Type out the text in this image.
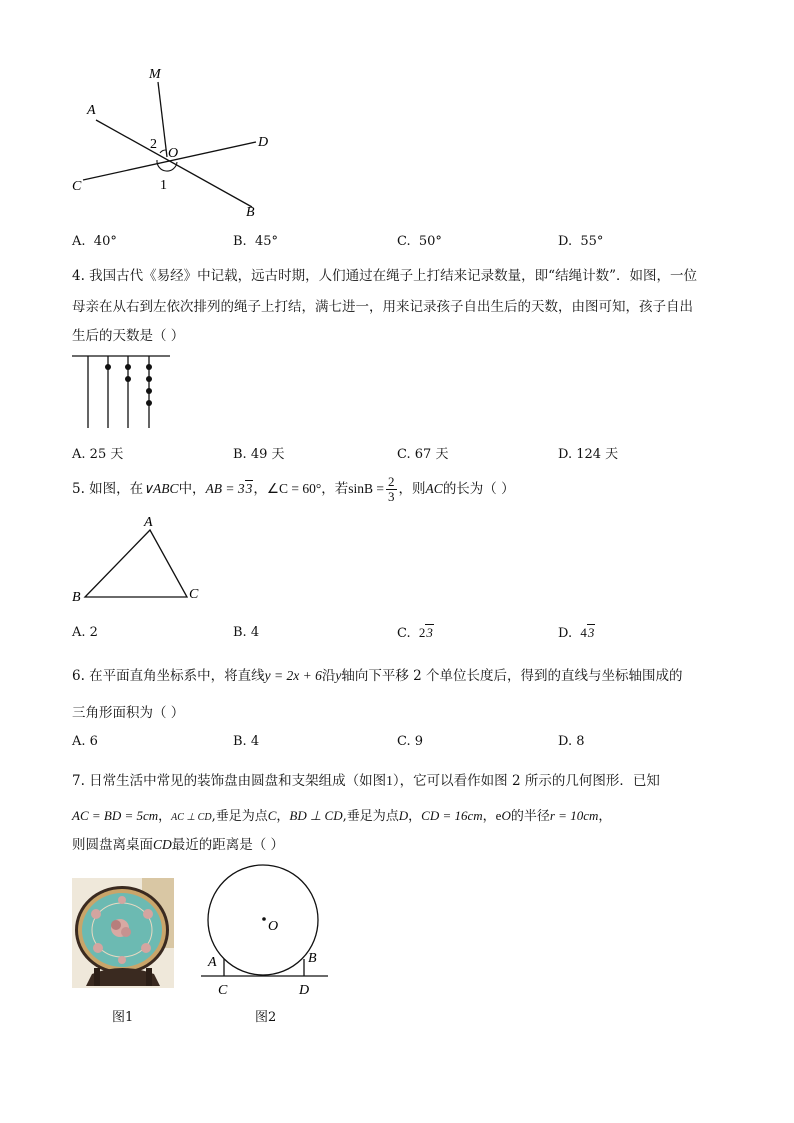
M
A
2
O
D
C	1
B
A. 40°	B. 45°	C. 50°	D. 55°
4. 我国古代《易经》中记载，远古时期，人们通过在绳子上打结来记录数量，即“结绳计数”．如图，一位
母亲在从右到左依次排列的绳子上打结，满七进一，用来记录孩子自出生后的天数，由图可知，孩子自出
生后的天数是（ ）
A. 25 天	B. 49 天	C. 67 天	D. 124 天
5. 如图，在∨ABC中，AB = 33，∠C = 60°，若$\sin B = \frac{2}{3}$ ，则AC的长为（ ）
A
B	C
A. 2	B. 4	C. 23	D. 43
6. 在平面直角坐标系中，将直线y = 2x + 6沿y轴向下平移 2 个单位长度后，得到的直线与坐标轴围成的
三角形面积为（ ）
A. 6	B. 4	C. 9	D. 8
7. 日常生活中常见的装饰盘由圆盘和支架组成（如图1），它可以看作如图 2 所示的几何图形．已知
AC = BD = 5cm，AC ⊥ CD,垂足为点C，BD ⊥ CD,垂足为点D，CD = 16cm，eO的半径r = 10cm，
则圆盘离桌面CD最近的距离是（ ）
O
A	B
C	D
图1	图2
